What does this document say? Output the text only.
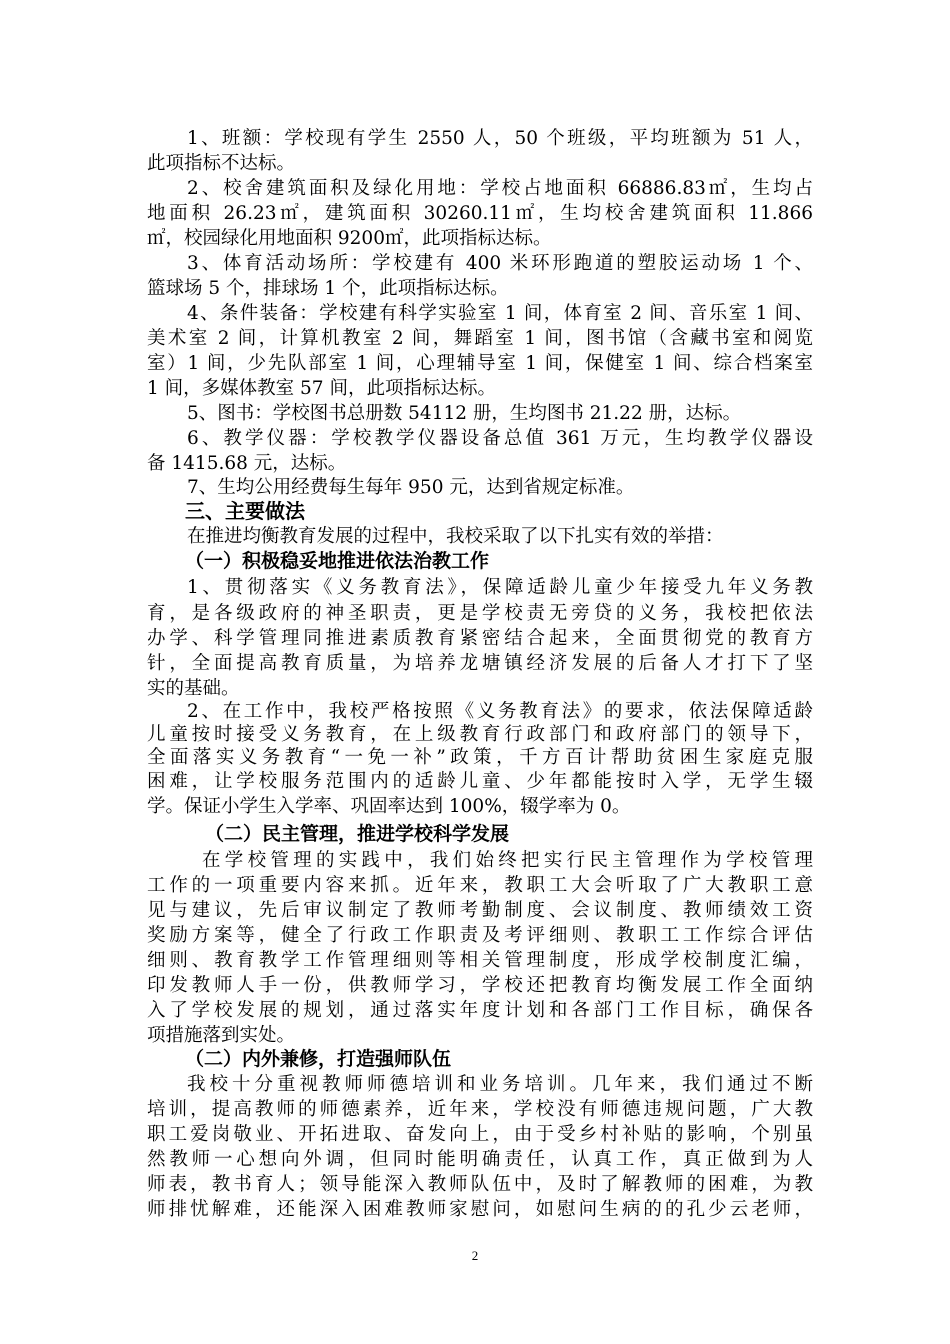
1、班额：学校现有学生 2550 人，50 个班级，平均班额为 51 人，
此项指标不达标。
2、校舍建筑面积及绿化用地：学校占地面积 66886.83㎡，生均占
地面积 26.23㎡，建筑面积 30260.11㎡，生均校舍建筑面积 11.866
㎡，校园绿化用地面积 9200㎡，此项指标达标。
3、体育活动场所：学校建有 400 米环形跑道的塑胶运动场 1 个、
篮球场 5 个，排球场 1 个，此项指标达标。
4、条件装备：学校建有科学实验室 1 间，体育室 2 间、音乐室 1 间、
美术室 2 间，计算机教室 2 间，舞蹈室 1 间，图书馆（含藏书室和阅览
室）1 间，少先队部室 1 间，心理辅导室 1 间，保健室 1 间、综合档案室
1 间，多媒体教室 57 间，此项指标达标。
5、图书：学校图书总册数 54112 册，生均图书 21.22 册，达标。
6、教学仪器：学校教学仪器设备总值 361 万元，生均教学仪器设
备 1415.68 元，达标。
7、生均公用经费每生每年 950 元，达到省规定标准。
三、主要做法
在推进均衡教育发展的过程中，我校采取了以下扎实有效的举措：
（一）积极稳妥地推进依法治教工作
1、贯彻落实《义务教育法》，保障适龄儿童少年接受九年义务教
育，是各级政府的神圣职责，更是学校责无旁贷的义务，我校把依法
办学、科学管理同推进素质教育紧密结合起来，全面贯彻党的教育方
针，全面提高教育质量，为培养龙塘镇经济发展的后备人才打下了坚
实的基础。
2、在工作中，我校严格按照《义务教育法》的要求，依法保障适龄
儿童按时接受义务教育，在上级教育行政部门和政府部门的领导下，
全面落实义务教育“一免一补”政策，千方百计帮助贫困生家庭克服
困难，让学校服务范围内的适龄儿童、少年都能按时入学，无学生辍
学。保证小学生入学率、巩固率达到 100%，辍学率为 0。
（二）民主管理，推进学校科学发展
在学校管理的实践中，我们始终把实行民主管理作为学校管理
工作的一项重要内容来抓。近年来，教职工大会听取了广大教职工意
见与建议，先后审议制定了教师考勤制度、会议制度、教师绩效工资
奖励方案等，健全了行政工作职责及考评细则、教职工工作综合评估
细则、教育教学工作管理细则等相关管理制度，形成学校制度汇编，
印发教师人手一份，供教师学习，学校还把教育均衡发展工作全面纳
入了学校发展的规划，通过落实年度计划和各部门工作目标，确保各
项措施落到实处。
（二）内外兼修，打造强师队伍
我校十分重视教师师德培训和业务培训。几年来，我们通过不断
培训，提高教师的师德素养，近年来，学校没有师德违规问题，广大教
职工爱岗敬业、开拓进取、奋发向上，由于受乡村补贴的影响，个别虽
然教师一心想向外调，但同时能明确责任，认真工作，真正做到为人
师表，教书育人；领导能深入教师队伍中，及时了解教师的困难，为教
师排忧解难，还能深入困难教师家慰问，如慰问生病的的孔少云老师，
2
